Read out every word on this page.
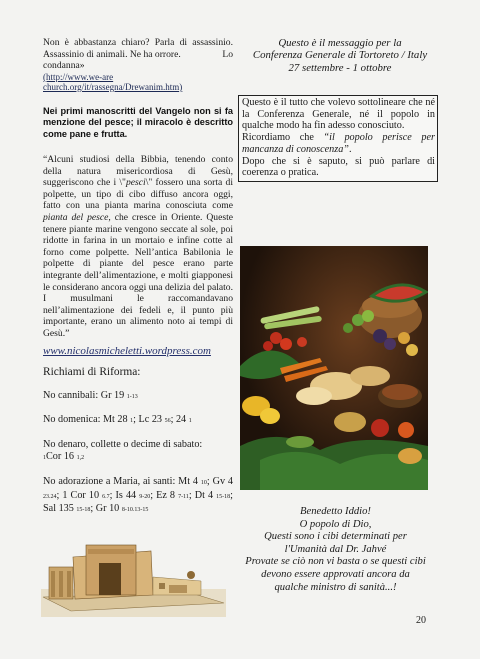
Non è abbastanza chiaro? Parla di assassinio. Assassinio di animali. Ne ha orrore.	Lo

condanna»

(http://www.we-are
church.org/it/rassegna/Drewanim.htm)

Nei primi manoscritti del Vangelo non si fa menzione del pesce; il miracolo è descritto come pane e frutta.

“Alcuni studiosi della Bibbia, tenendo conto della natura misericordiosa di Gesù, suggeriscono che i \"pesci\" fossero una sorta di polpette, un tipo di cibo diffuso ancora oggi, fatto con una pianta marina conosciuta come pianta del pesce, che cresce in Oriente. Queste tenere piante marine vengono seccate al sole, poi ridotte in farina in un mortaio e infine cotte al forno come polpette. Nell’antica Babilonia le polpette di piante del pesce erano parte integrante dell’alimentazione, e molti giapponesi le considerano ancora oggi una delizia del palato. I musulmani le raccomandavano nell’alimentazione dei fedeli e, il punto più importante, erano un alimento noto ai tempi di Gesù.”

www.nicolasmicheletti.wordpress.com

Richiami di Riforma:

No cannibali: Gr 19 1-13

No domenica: Mt 28 1; Lc 23 56; 24 1

No denaro, collette o decime di sabato:
1Cor 16 1,2

No adorazione a Maria, ai santi: Mt 4 10; Gv 4 23.24; 1 Cor 10 6.7; Is 44 9-20; Ez 8 7-11; Dt 4 15-18; Sal 135 15-18; Gr 10 8-10.13-15

Questo è il messaggio per la
Conferenza Generale di Tortoreto / Italy
27 settembre - 1 ottobre

Questo è il tutto che volevo sottolineare che né la Conferenza Generale, né il popolo in qualche modo ha fin adesso conosciuto.

Ricordiamo che “il popolo perisce per mancanza di conoscenza”.

Dopo che si è saputo, si può parlare di coerenza o pratica.

Benedetto Iddio!
O popolo di Dio,
Questi sono i cibi determinati per
l'Umanità dal Dr. Jahvé
Provate se ciò non vi basta o se questi cibi
devono essere approvati ancora da
qualche ministro di sanità...!
20
